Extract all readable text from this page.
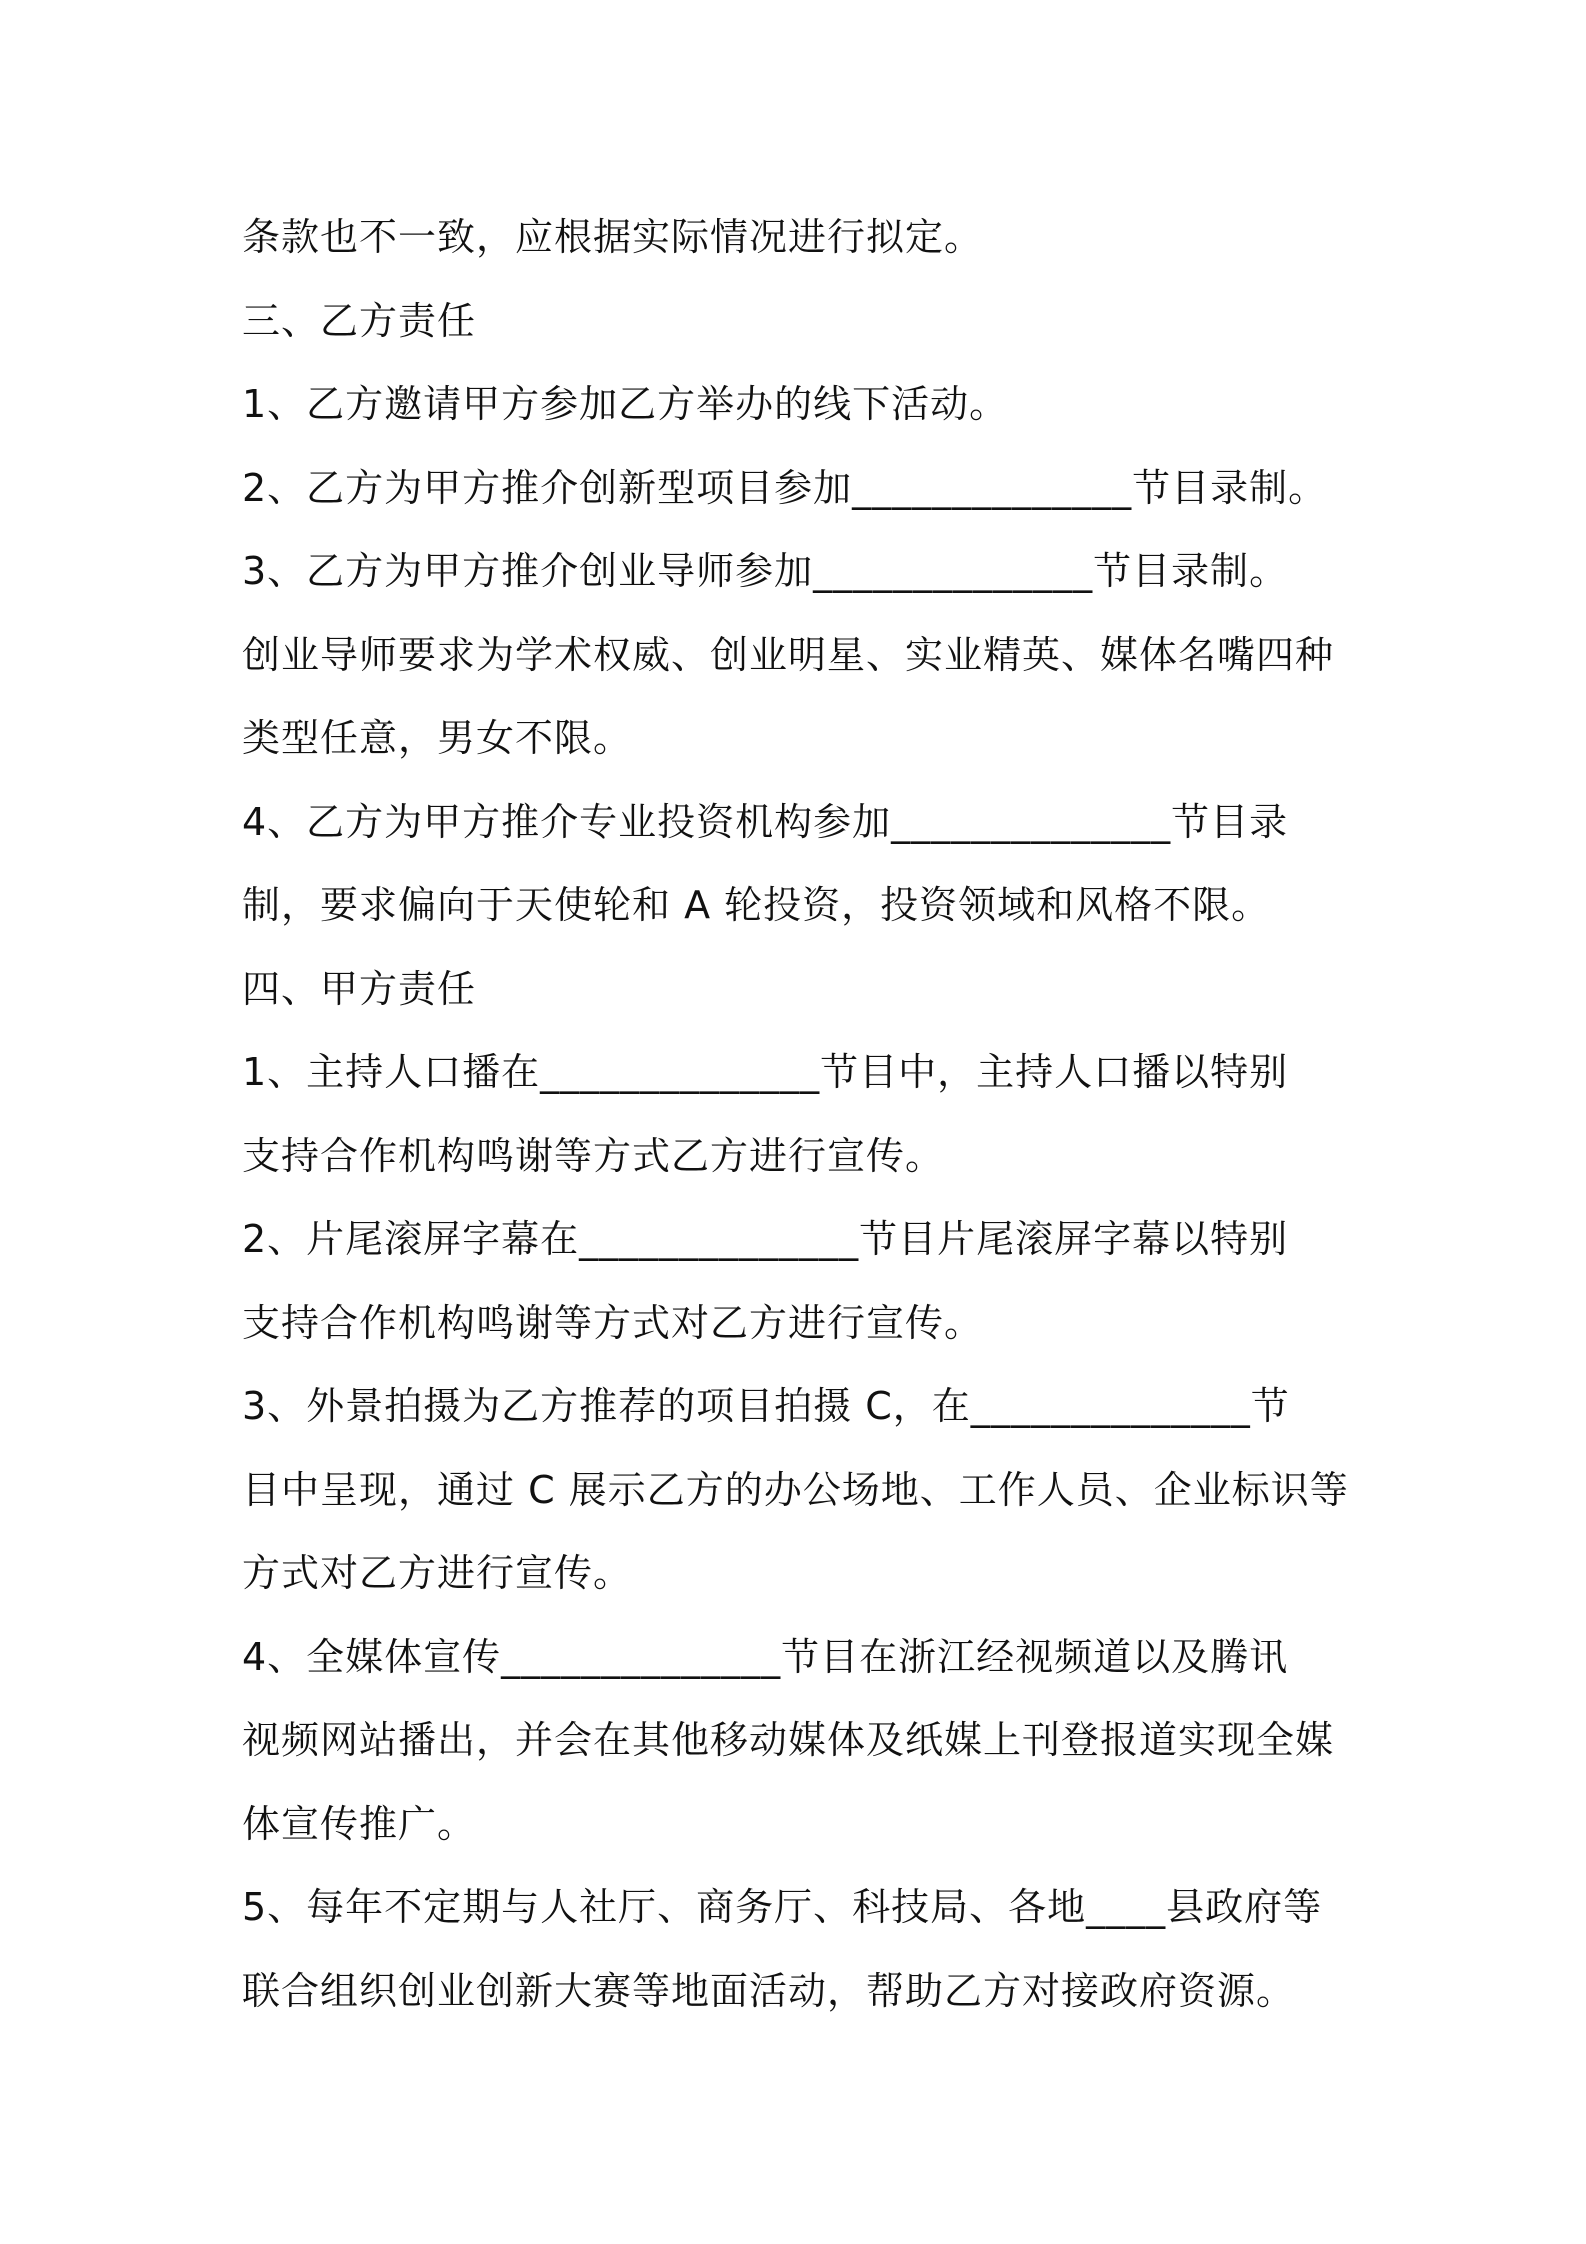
条款也不一致，应根据实际情况进行拟定。
三、乙方责任
1、乙方邀请甲方参加乙方举办的线下活动。
2、乙方为甲方推介创新型项目参加______________节目录制。
3、乙方为甲方推介创业导师参加______________节目录制。
创业导师要求为学术权威、创业明星、实业精英、媒体名嘴四种
类型任意，男女不限。
4、乙方为甲方推介专业投资机构参加______________节目录
制，要求偏向于天使轮和 A 轮投资，投资领域和风格不限。
四、甲方责任
1、主持人口播在______________节目中，主持人口播以特别
支持合作机构鸣谢等方式乙方进行宣传。
2、片尾滚屏字幕在______________节目片尾滚屏字幕以特别
支持合作机构鸣谢等方式对乙方进行宣传。
3、外景拍摄为乙方推荐的项目拍摄 C，在______________节
目中呈现，通过 C 展示乙方的办公场地、工作人员、企业标识等
方式对乙方进行宣传。
4、全媒体宣传______________节目在浙江经视频道以及腾讯
视频网站播出，并会在其他移动媒体及纸媒上刊登报道实现全媒
体宣传推广。
5、每年不定期与人社厅、商务厅、科技局、各地____县政府等
联合组织创业创新大赛等地面活动，帮助乙方对接政府资源。
